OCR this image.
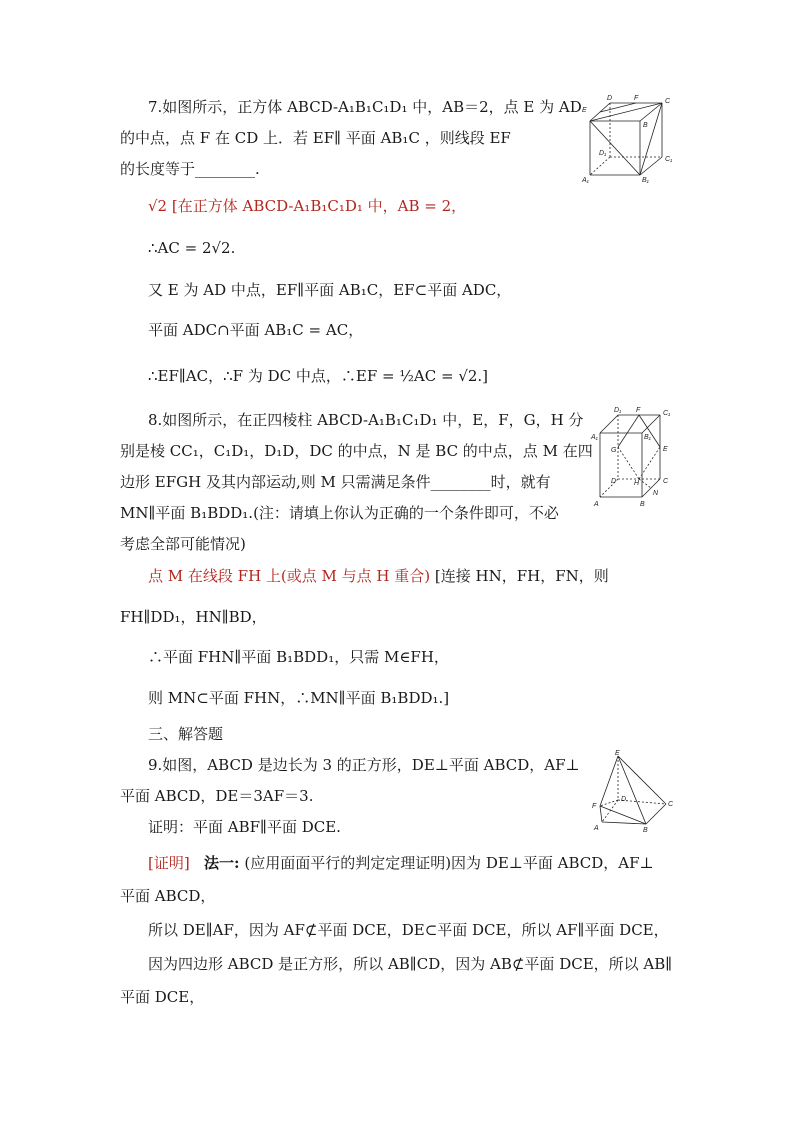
7.如图所示，正方体 ABCD-A₁B₁C₁D₁ 中，AB＝2，点 E 为 AD
的中点，点 F 在 CD 上．若 EF∥ 平面 AB₁C ，则线段 EF
的长度等于________.
E
D	F	C
B
D₁
C₁
A₁	B₁
√2 [在正方体 ABCD-A₁B₁C₁D₁ 中，AB = 2，
∴AC = 2√2.
又 E 为 AD 中点，EF∥平面 AB₁C，EF⊂平面 ADC，
平面 ADC∩平面 AB₁C = AC，
∴EF∥AC，∴F 为 DC 中点，∴EF = ½AC = √2.]
8.如图所示，在正四棱柱 ABCD-A₁B₁C₁D₁ 中，E，F，G，H 分
别是棱 CC₁，C₁D₁，D₁D，DC 的中点，N 是 BC 的中点，点 M 在四
边形 EFGH 及其内部运动,则 M 只需满足条件________时，就有
MN∥平面 B₁BDD₁.(注：请填上你认为正确的一个条件即可，不必
考虑全部可能情况)
D₁ F	C₁
A₁	B₁
G	E
D	H	C
A	B
N
点 M 在线段 FH 上(或点 M 与点 H 重合) [连接 HN，FH，FN，则
FH∥DD₁，HN∥BD，
∴平面 FHN∥平面 B₁BDD₁，只需 M∈FH，
则 MN⊂平面 FHN，∴MN∥平面 B₁BDD₁.]
三、解答题
9.如图，ABCD 是边长为 3 的正方形，DE⊥平面 ABCD，AF⊥
平面 ABCD，DE＝3AF＝3.
证明：平面 ABF∥平面 DCE.
E
F
D
C
A	B
[证明] 法一: (应用面面平行的判定定理证明)因为 DE⊥平面 ABCD，AF⊥
平面 ABCD，
所以 DE∥AF，因为 AF⊄平面 DCE，DE⊂平面 DCE，所以 AF∥平面 DCE，
因为四边形 ABCD 是正方形，所以 AB∥CD，因为 AB⊄平面 DCE，所以 AB∥
平面 DCE，
